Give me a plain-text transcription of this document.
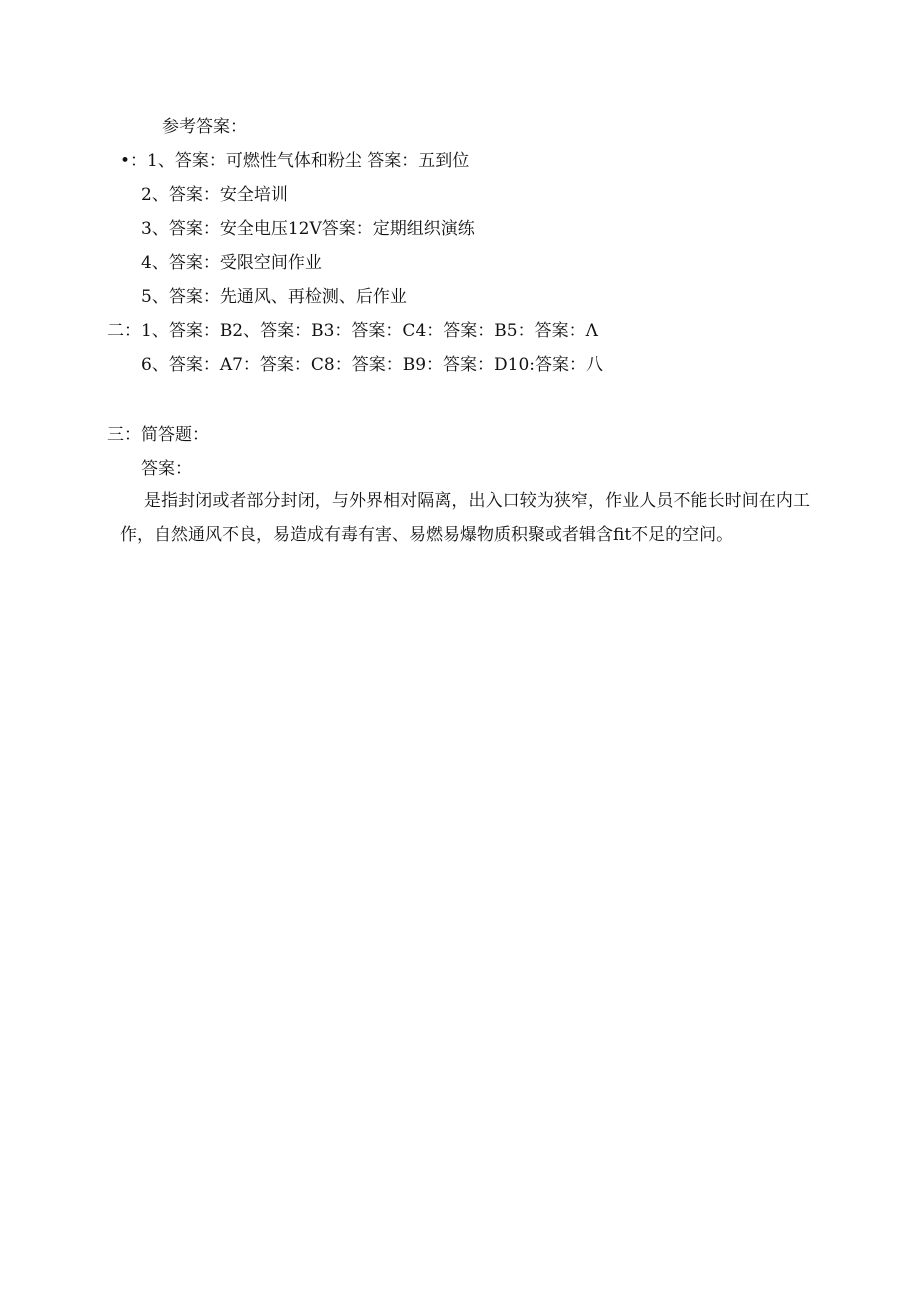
参考答案：
•：1、答案：可燃性气体和粉尘 答案：五到位
2、答案：安全培训
3、答案：安全电压12V答案：定期组织演练
4、答案：受限空间作业
5、答案：先通风、再检测、后作业
二：1、答案：B2、答案：B3：答案：C4：答案：B5：答案：Λ
6、答案：A7：答案：C8：答案：B9：答案：D10:答案：八
三：简答题：
答案：
是指封闭或者部分封闭，与外界相对隔离，出入口较为狭窄，作业人员不能长时间在内工作，自然通风不良，易造成有毒有害、易燃易爆物质积聚或者辑含fit不足的空问。
